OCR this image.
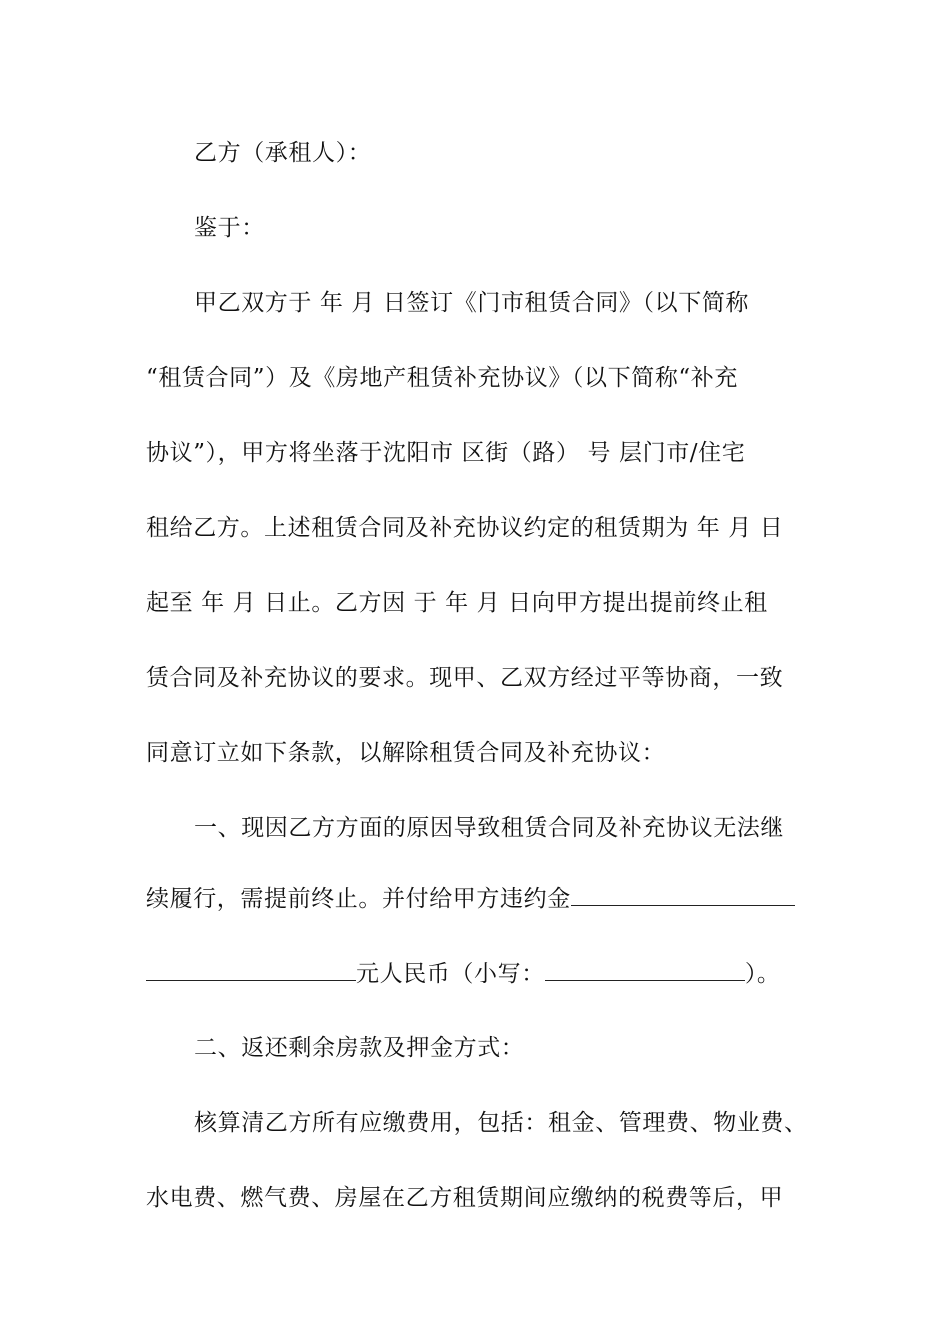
乙方（承租人）：
鉴于：
甲乙双方于 年 月 日签订《门市租赁合同》（以下简称
“租赁合同”）及《房地产租赁补充协议》（以下简称“补充
协议”），甲方将坐落于沈阳市 区街（路） 号 层门市/住宅
租给乙方。上述租赁合同及补充协议约定的租赁期为 年 月 日
起至 年 月 日止。乙方因 于 年 月 日向甲方提出提前终止租
赁合同及补充协议的要求。现甲、乙双方经过平等协商，一致
同意订立如下条款，以解除租赁合同及补充协议：
一、现因乙方方面的原因导致租赁合同及补充协议无法继
续履行，需提前终止。并付给甲方违约金
元人民币（小写：	）。
二、返还剩余房款及押金方式：
核算清乙方所有应缴费用，包括：租金、管理费、物业费、
水电费、燃气费、房屋在乙方租赁期间应缴纳的税费等后，甲
